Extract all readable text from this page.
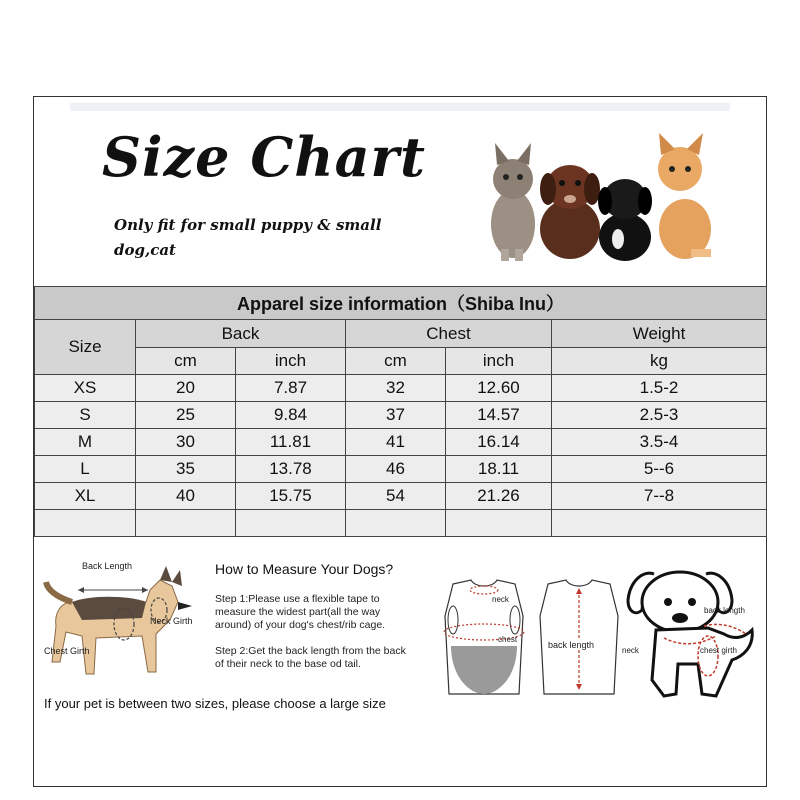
Size Chart
Only fit for small puppy & small dog,cat
Apparel size information（Shiba Inu）					
Size	Back		Chest		Weight
	cm	inch	cm	inch	kg
XS	20	7.87	32	12.60	1.5-2
S	25	9.84	37	14.57	2.5-3
M	30	11.81	41	16.14	3.5-4
L	35	13.78	46	18.11	5--6
XL	40	15.75	54	21.26	7--8

Back Length
Neck Girth
Chest Girth
How to Measure Your Dogs?
Step 1:Please use a flexible tape to measure the widest part(all the way around) of your dog's chest/rib cage.
Step 2:Get the back length from the back of their neck to the base od tail.
If your pet is between two sizes, please choose a large size
neck
chest
back length
back length
neck	chest girth
